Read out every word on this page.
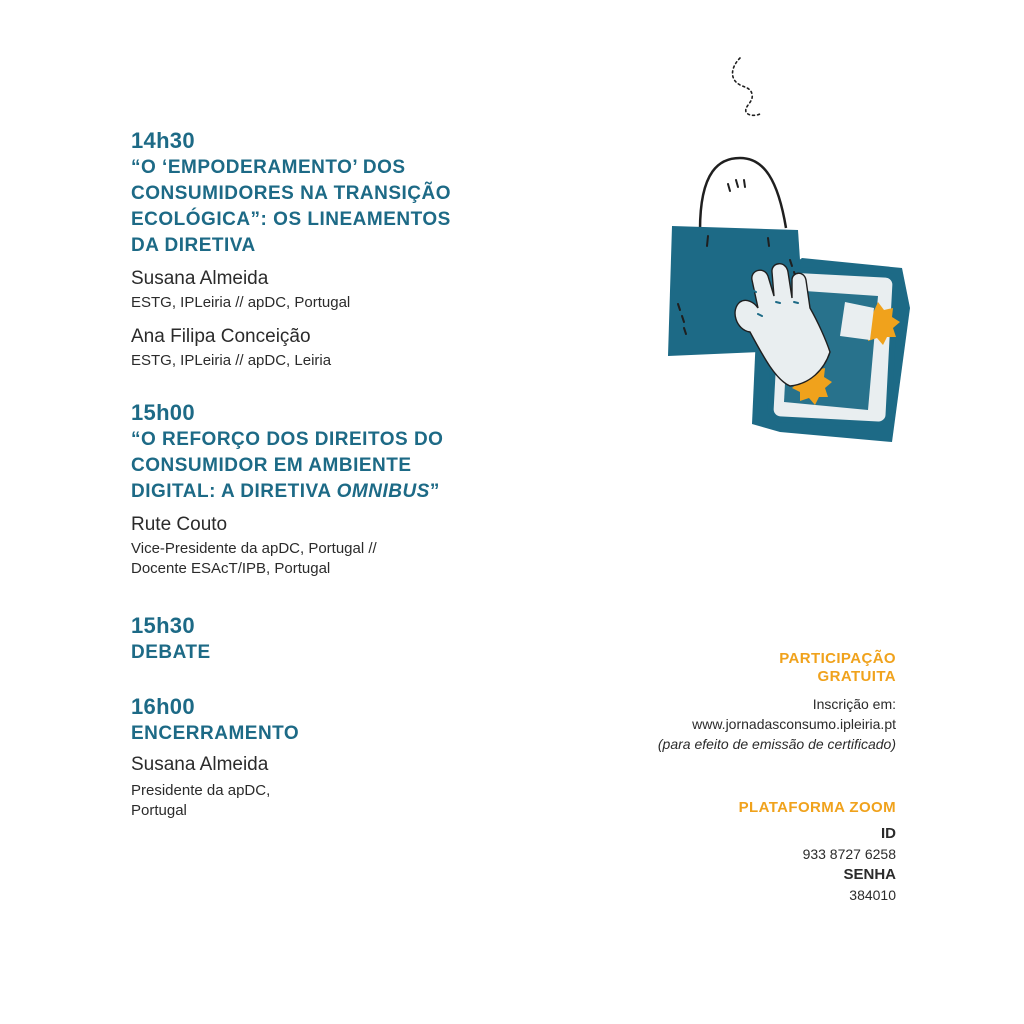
14h30
“O ‘EMPODERAMENTO’ DOS
CONSUMIDORES NA TRANSIÇÃO
ECOLÓGICA”: OS LINEAMENTOS
DA DIRETIVA
Susana Almeida
ESTG, IPLeiria // apDC, Portugal
Ana Filipa Conceição
ESTG, IPLeiria // apDC, Leiria
15h00
“O REFORÇO DOS DIREITOS DO
CONSUMIDOR EM AMBIENTE
DIGITAL: A DIRETIVA OMNIBUS”
Rute Couto
Vice-Presidente da apDC, Portugal //
Docente ESAcT/IPB, Portugal
15h30
DEBATE
16h00
ENCERRAMENTO
Susana Almeida
Presidente da apDC,
Portugal
PARTICIPAÇÃO
GRATUITA
Inscrição em:
www.jornadasconsumo.ipleiria.pt
(para efeito de emissão de certificado)
PLATAFORMA ZOOM
ID
933 8727 6258
SENHA
384010
